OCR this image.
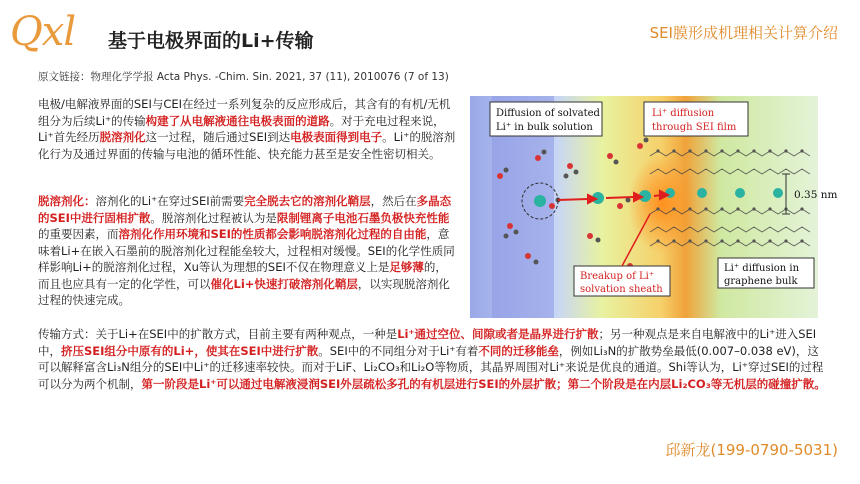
Qxl 基于电极界面的Li+传输	SEI膜形成机理相关计算介绍
原文链接：物理化学学报 Acta Phys. -Chim. Sin. 2021, 37 (11), 2010076 (7 of 13)

电极/电解液界面的SEI与CEI在经过一系列复杂的反应形成后，其含有的有机/无机组分为后续Li⁺的传输构建了从电解液通往电极表面的道路。对于充电过程来说，Li⁺首先经历脱溶剂化这一过程，随后通过SEI到达电极表面得到电子。Li⁺的脱溶剂化行为及通过界面的传输与电池的循环性能、快充能力甚至是安全性密切相关。

脱溶剂化：溶剂化的Li⁺在穿过SEI前需要完全脱去它的溶剂化鞘层，然后在多晶态的SEI中进行固相扩散。脱溶剂化过程被认为是限制锂离子电池石墨负极快充性能的重要因素，而溶剂化作用环境和SEI的性质都会影响脱溶剂化过程的自由能，意味着Li+在嵌入石墨前的脱溶剂化过程能垒较大，过程相对缓慢。SEI的化学性质同样影响Li+的脱溶剂化过程，Xu等认为理想的SEI不仅在物理意义上是足够薄的，而且也应具有一定的化学性，可以催化Li+快速打破溶剂化鞘层，以实现脱溶剂化过程的快速完成。

传输方式：关于Li+在SEI中的扩散方式，目前主要有两种观点，一种是Li⁺通过空位、间隙或者是晶界进行扩散；另一种观点是来自电解液中的Li⁺进入SEI中，挤压SEI组分中原有的Li+，使其在SEI中进行扩散。SEI中的不同组分对于Li⁺有着不同的迁移能垒，例如Li₃N的扩散势垒最低(0.007–0.038 eV)，这可以解释富含Li₃N组分的SEI中Li⁺的迁移速率较快。而对于LiF、Li₂CO₃和Li₂O等物质，其晶界周围对Li⁺来说是优良的通道。Shi等认为，Li⁺穿过SEI的过程可以分为两个机制，第一阶段是Li⁺可以通过电解液浸润SEI外层疏松多孔的有机层进行SEI的外层扩散；第二个阶段是在内层Li₂CO₃等无机层的碰撞扩散。

Diffusion of solvated
Li⁺ in bulk solution
Li⁺ diffusion
through SEI film
Breakup of Li⁺
solvation sheath
Li⁺ diffusion in
graphene bulk
0.35 nm
邱新龙(199-0790-5031)
